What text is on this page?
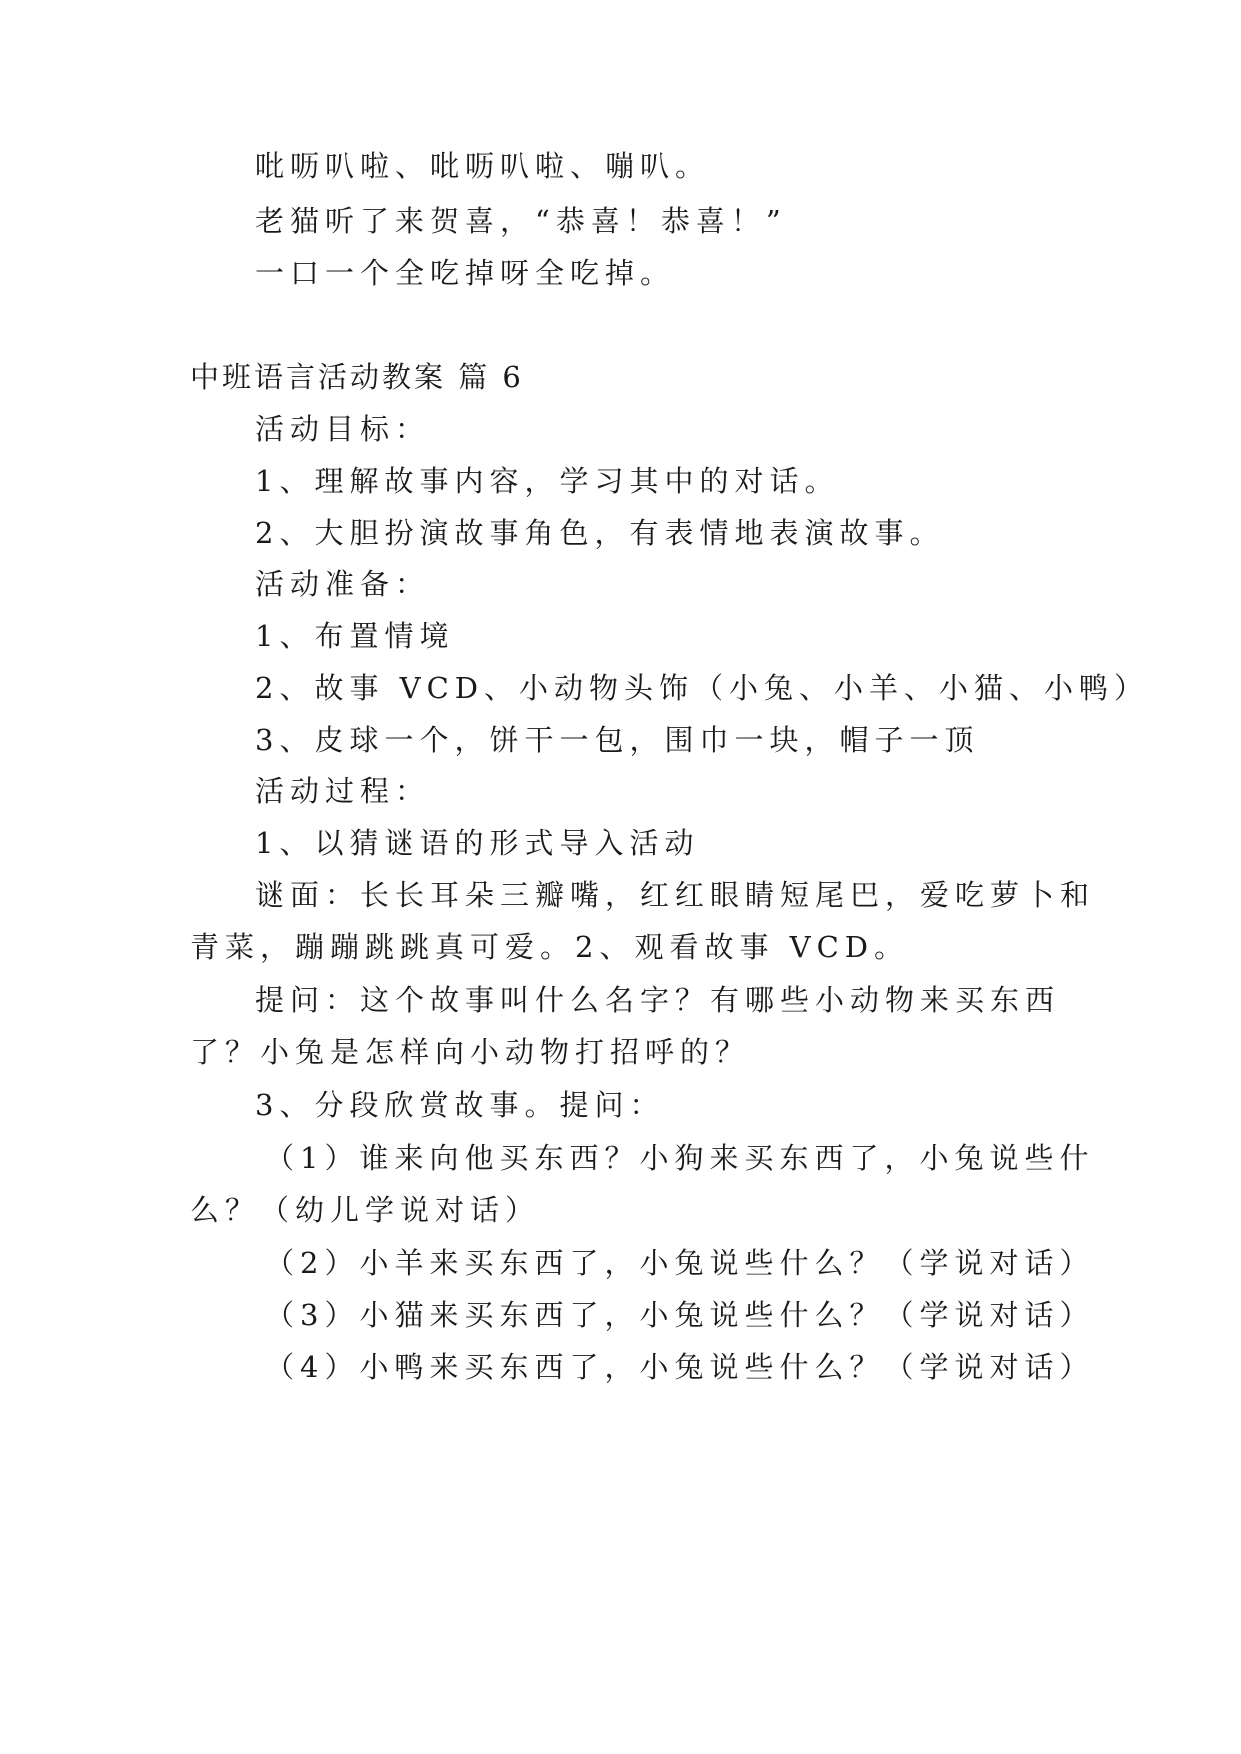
吡呖叭啦、吡呖叭啦、嘣叭。
老猫听了来贺喜，“恭喜！恭喜！”
一口一个全吃掉呀全吃掉。
中班语言活动教案 篇 6
活动目标：
1、理解故事内容，学习其中的对话。
2、大胆扮演故事角色，有表情地表演故事。
活动准备：
1、布置情境
2、故事 VCD、小动物头饰（小兔、小羊、小猫、小鸭）
3、皮球一个，饼干一包，围巾一块，帽子一顶
活动过程：
1、以猜谜语的形式导入活动
谜面：长长耳朵三瓣嘴，红红眼睛短尾巴，爱吃萝卜和
青菜，蹦蹦跳跳真可爱。2、观看故事 VCD。
提问：这个故事叫什么名字？有哪些小动物来买东西
了？小兔是怎样向小动物打招呼的？
3、分段欣赏故事。提问：
（1）谁来向他买东西？小狗来买东西了，小兔说些什
么？（幼儿学说对话）
（2）小羊来买东西了，小兔说些什么？（学说对话）
（3）小猫来买东西了，小兔说些什么？（学说对话）
（4）小鸭来买东西了，小兔说些什么？（学说对话）
